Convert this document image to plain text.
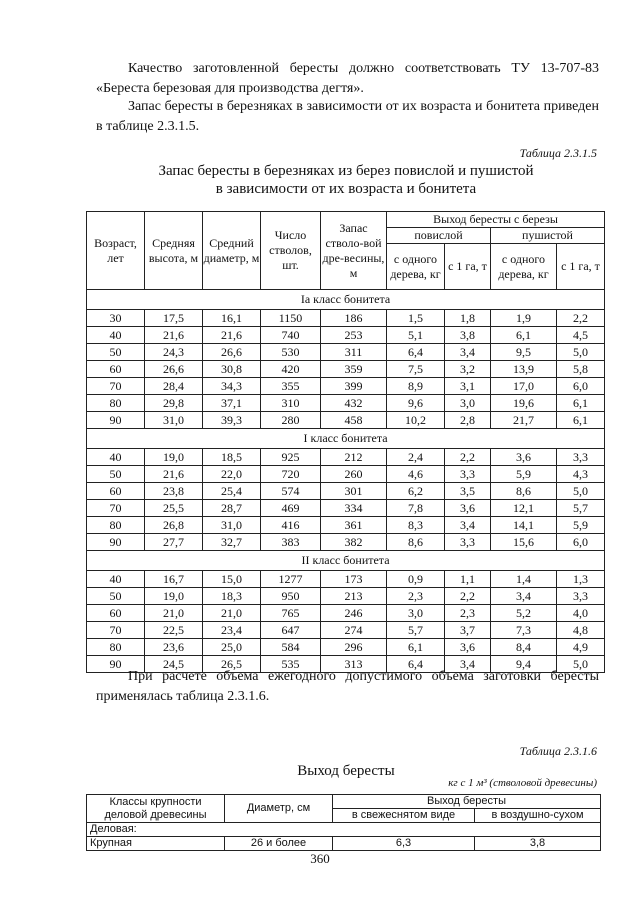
Качество заготовленной бересты должно соответствовать ТУ 13-707-83 «Береста березовая для производства дегтя».

Запас бересты в березняках в зависимости от их возраста и бонитета приведен в таблице 2.3.1.5.

Таблица 2.3.1.5
Запас бересты в березняках из берез повислой и пушистой
в зависимости от их возраста и бонитета
Возраст, лет	Средняя высота, м	Средний диаметр, м	Число стволов, шт.	Запас стволо-вой дре-весины, м	Выход бересты с березы			
					повислой		пушистой	
					с одного дерева, кг	с 1 га, т	с одного дерева, кг	с 1 га, т
Ia класс бонитета								
30	17,5	16,1	1150	186	1,5	1,8	1,9	2,2
40	21,6	21,6	740	253	5,1	3,8	6,1	4,5
50	24,3	26,6	530	311	6,4	3,4	9,5	5,0
60	26,6	30,8	420	359	7,5	3,2	13,9	5,8
70	28,4	34,3	355	399	8,9	3,1	17,0	6,0
80	29,8	37,1	310	432	9,6	3,0	19,6	6,1
90	31,0	39,3	280	458	10,2	2,8	21,7	6,1
I класс бонитета								
40	19,0	18,5	925	212	2,4	2,2	3,6	3,3
50	21,6	22,0	720	260	4,6	3,3	5,9	4,3
60	23,8	25,4	574	301	6,2	3,5	8,6	5,0
70	25,5	28,7	469	334	7,8	3,6	12,1	5,7
80	26,8	31,0	416	361	8,3	3,4	14,1	5,9
90	27,7	32,7	383	382	8,6	3,3	15,6	6,0
II класс бонитета								
40	16,7	15,0	1277	173	0,9	1,1	1,4	1,3
50	19,0	18,3	950	213	2,3	2,2	3,4	3,3
60	21,0	21,0	765	246	3,0	2,3	5,2	4,0
70	22,5	23,4	647	274	5,7	3,7	7,3	4,8
80	23,6	25,0	584	296	6,1	3,6	8,4	4,9
90	24,5	26,5	535	313	6,4	3,4	9,4	5,0

При расчете объема ежегодного допустимого объема заготовки бересты применялась таблица 2.3.1.6.

Таблица 2.3.1.6
Выход бересты
кг с 1 м³ (стволовой древесины)
Классы крупности деловой древесины	Диаметр, см	Выход бересты	
		в свежеснятом виде	в воздушно-сухом
Деловая:			
Крупная	26 и более	6,3	3,8
360
